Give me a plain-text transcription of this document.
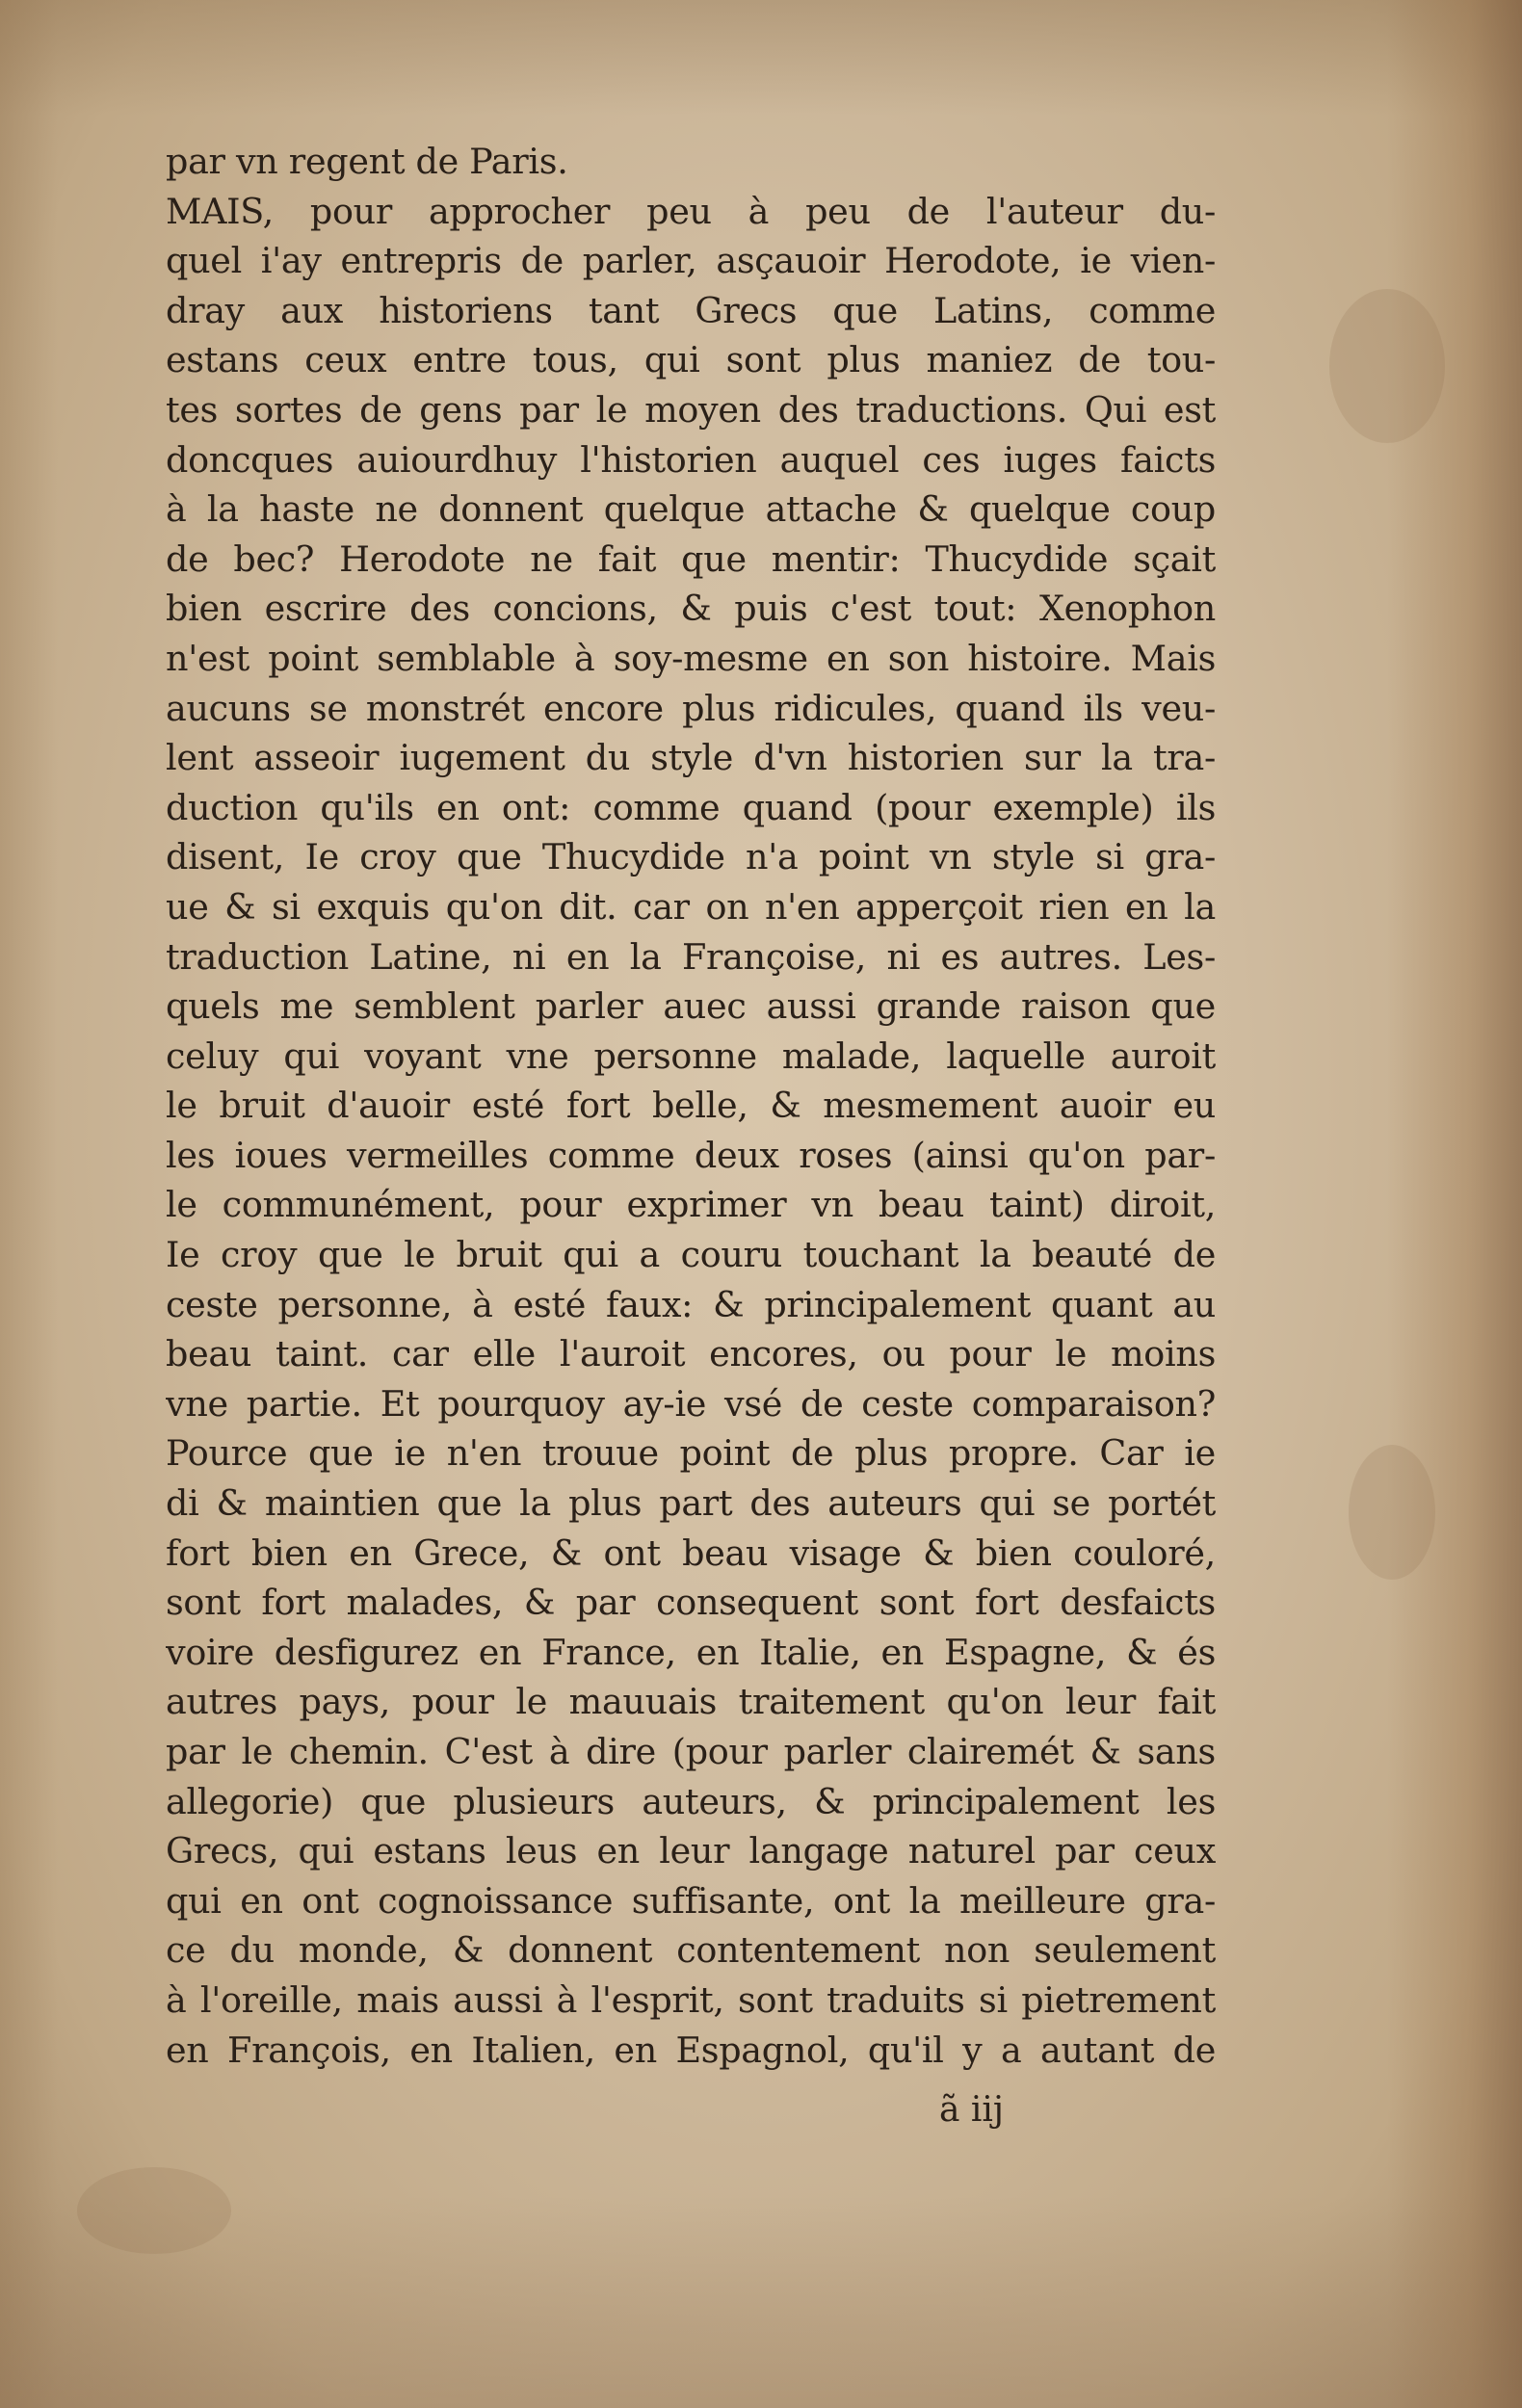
par vn regent de Paris.
MAIS, pour approcher peu à peu de l'auteur du-
quel i'ay entrepris de parler, asçauoir Herodote, ie vien-
dray aux historiens tant Grecs que Latins, comme
estans ceux entre tous, qui sont plus maniez de tou-
tes sortes de gens par le moyen des traductions. Qui est
doncques auiourdhuy l'historien auquel ces iuges faicts
à la haste ne donnent quelque attache & quelque coup
de bec? Herodote ne fait que mentir: Thucydide sçait
bien escrire des concions, & puis c'est tout: Xenophon
n'est point semblable à soy-mesme en son histoire. Mais
aucuns se monstrét encore plus ridicules, quand ils veu-
lent asseoir iugement du style d'vn historien sur la tra-
duction qu'ils en ont: comme quand (pour exemple) ils
disent, Ie croy que Thucydide n'a point vn style si gra-
ue & si exquis qu'on dit. car on n'en apperçoit rien en la
traduction Latine, ni en la Françoise, ni es autres. Les-
quels me semblent parler auec aussi grande raison que
celuy qui voyant vne personne malade, laquelle auroit
le bruit d'auoir esté fort belle, & mesmement auoir eu
les ioues vermeilles comme deux roses (ainsi qu'on par-
le communément, pour exprimer vn beau taint) diroit,
Ie croy que le bruit qui a couru touchant la beauté de
ceste personne, à esté faux: & principalement quant au
beau taint. car elle l'auroit encores, ou pour le moins
vne partie. Et pourquoy ay-ie vsé de ceste comparaison?
Pource que ie n'en trouue point de plus propre. Car ie
di & maintien que la plus part des auteurs qui se portét
fort bien en Grece, & ont beau visage & bien couloré,
sont fort malades, & par consequent sont fort desfaicts
voire desfigurez en France, en Italie, en Espagne, & és
autres pays, pour le mauuais traitement qu'on leur fait
par le chemin. C'est à dire (pour parler clairemét & sans
allegorie) que plusieurs auteurs, & principalement les
Grecs, qui estans leus en leur langage naturel par ceux
qui en ont cognoissance suffisante, ont la meilleure gra-
ce du monde, & donnent contentement non seulement
à l'oreille, mais aussi à l'esprit, sont traduits si pietrement
en François, en Italien, en Espagnol, qu'il y a autant de
ã iij
